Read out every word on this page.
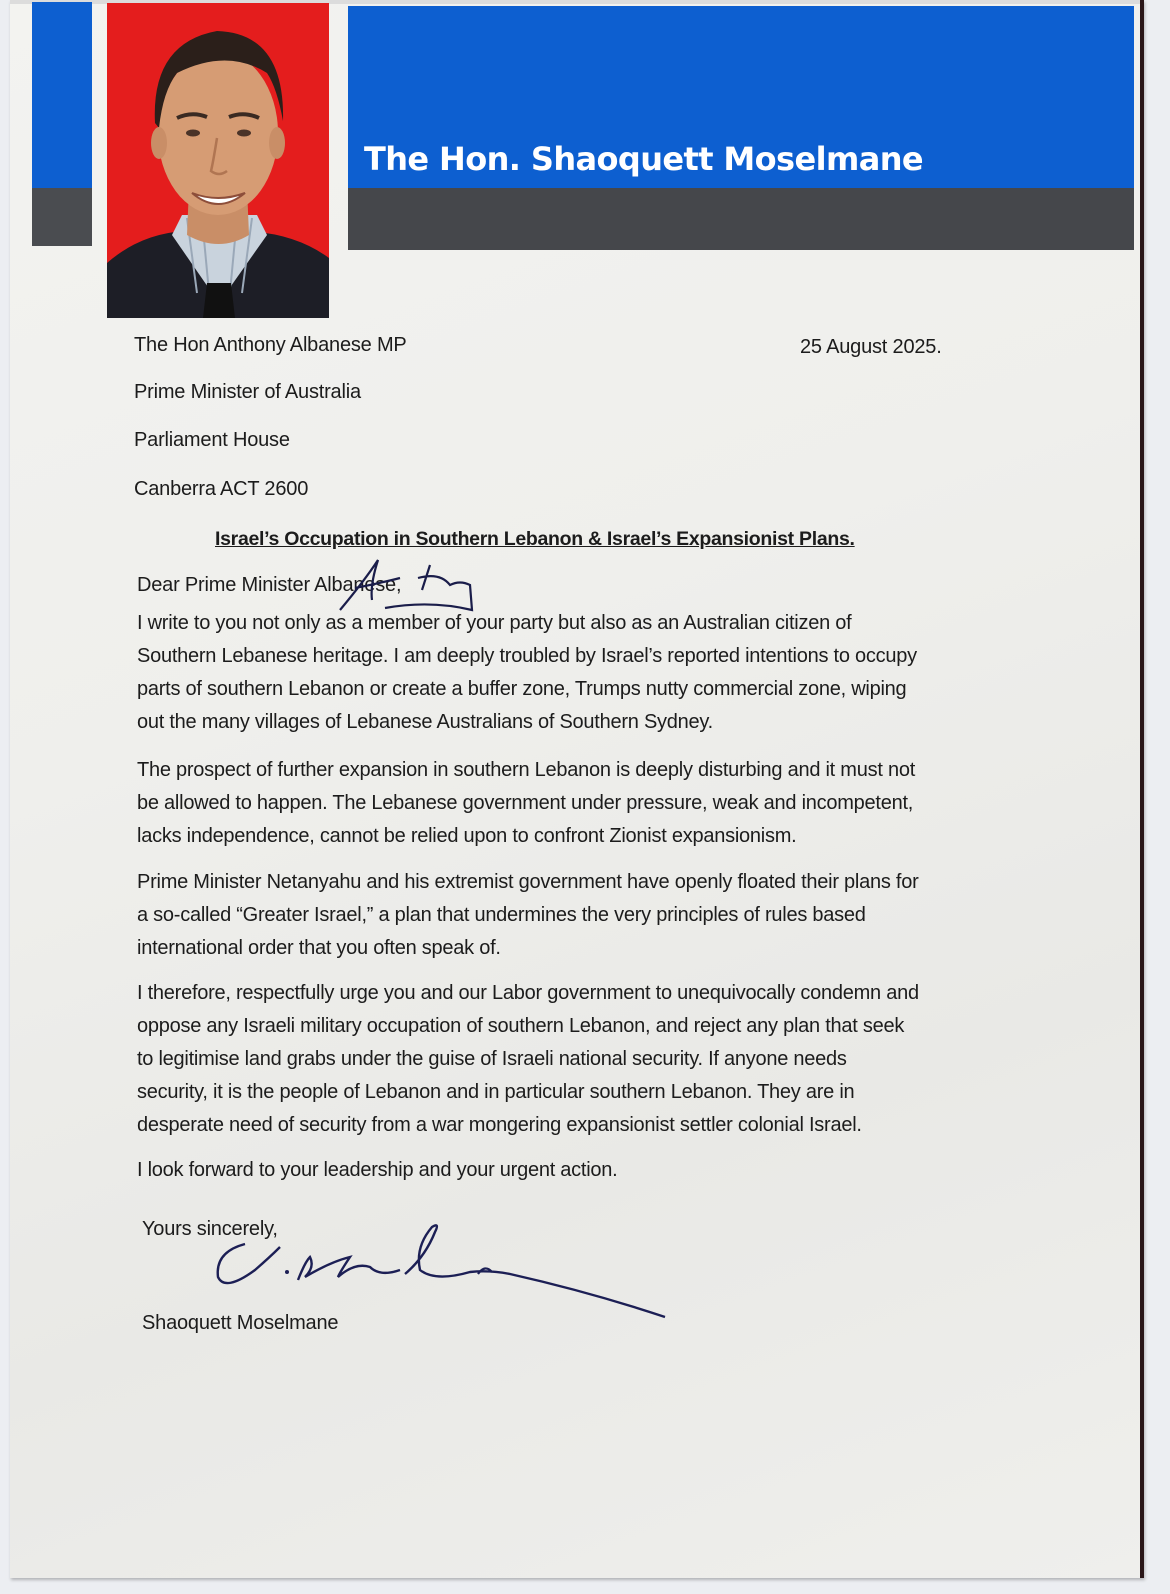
The Hon. Shaoquett Moselmane
The Hon Anthony Albanese MP
Prime Minister of Australia
Parliament House
Canberra ACT 2600
25 August 2025.
Israel’s Occupation in Southern Lebanon & Israel’s Expansionist Plans.
Dear Prime Minister Albanese,
I write to you not only as a member of your party but also as an Australian citizen of
Southern Lebanese heritage. I am deeply troubled by Israel’s reported intentions to occupy
parts of southern Lebanon or create a buffer zone, Trumps nutty commercial zone, wiping
out the many villages of Lebanese Australians of Southern Sydney.
The prospect of further expansion in southern Lebanon is deeply disturbing and it must not
be allowed to happen. The Lebanese government under pressure, weak and incompetent,
lacks independence, cannot be relied upon to confront Zionist expansionism.
Prime Minister Netanyahu and his extremist government have openly floated their plans for
a so-called “Greater Israel,” a plan that undermines the very principles of rules based
international order that you often speak of.
I therefore, respectfully urge you and our Labor government to unequivocally condemn and
oppose any Israeli military occupation of southern Lebanon, and reject any plan that seek
to legitimise land grabs under the guise of Israeli national security. If anyone needs
security, it is the people of Lebanon and in particular southern Lebanon. They are in
desperate need of security from a war mongering expansionist settler colonial Israel.
I look forward to your leadership and your urgent action.
Yours sincerely,
Shaoquett Moselmane
